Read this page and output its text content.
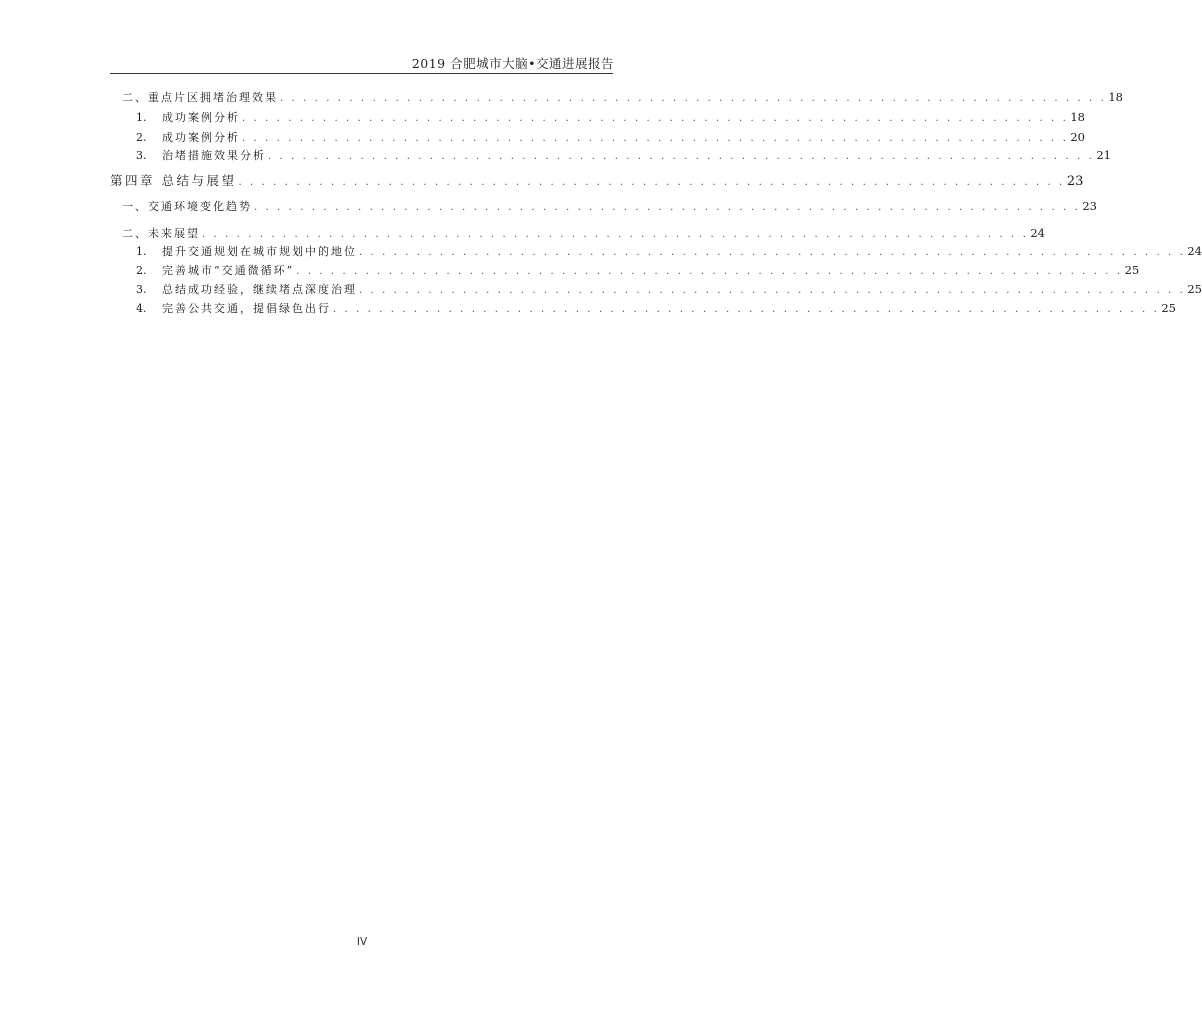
2019 合肥城市大脑•交通进展报告
二、重点片区拥堵治理效果 . . . . . . . . . . . . . . . . . . . . . . . . . . . . . . . . . . . . . . . . . . . . . . . . . . . . . . . . . . . . . . . . . . . . . . . . 18
1.	成功案例分析 . . . . . . . . . . . . . . . . . . . . . . . . . . . . . . . . . . . . . . . . . . . . . . . . . . . . . . . . . . . . . . . . . . . . . . . . 18
2.	成功案例分析 . . . . . . . . . . . . . . . . . . . . . . . . . . . . . . . . . . . . . . . . . . . . . . . . . . . . . . . . . . . . . . . . . . . . . . . . 20
3.	治堵措施效果分析 . . . . . . . . . . . . . . . . . . . . . . . . . . . . . . . . . . . . . . . . . . . . . . . . . . . . . . . . . . . . . . . . . . . . . . . . 21
第四章 总结与展望 . . . . . . . . . . . . . . . . . . . . . . . . . . . . . . . . . . . . . . . . . . . . . . . . . . . . . . . . . . . . . . . . . . . . . . . . 23
一、交通环境变化趋势 . . . . . . . . . . . . . . . . . . . . . . . . . . . . . . . . . . . . . . . . . . . . . . . . . . . . . . . . . . . . . . . . . . . . . . . . 23
二、未来展望 . . . . . . . . . . . . . . . . . . . . . . . . . . . . . . . . . . . . . . . . . . . . . . . . . . . . . . . . . . . . . . . . . . . . . . . . 24
1.	提升交通规划在城市规划中的地位 . . . . . . . . . . . . . . . . . . . . . . . . . . . . . . . . . . . . . . . . . . . . . . . . . . . . . . . . . . . . . . . . . . . . . . . . 24
2.	完善城市“交通微循环” . . . . . . . . . . . . . . . . . . . . . . . . . . . . . . . . . . . . . . . . . . . . . . . . . . . . . . . . . . . . . . . . . . . . . . . . 25
3.	总结成功经验，继续堵点深度治理 . . . . . . . . . . . . . . . . . . . . . . . . . . . . . . . . . . . . . . . . . . . . . . . . . . . . . . . . . . . . . . . . . . . . . . . . 25
4.	完善公共交通，提倡绿色出行 . . . . . . . . . . . . . . . . . . . . . . . . . . . . . . . . . . . . . . . . . . . . . . . . . . . . . . . . . . . . . . . . . . . . . . . . 25
IV
